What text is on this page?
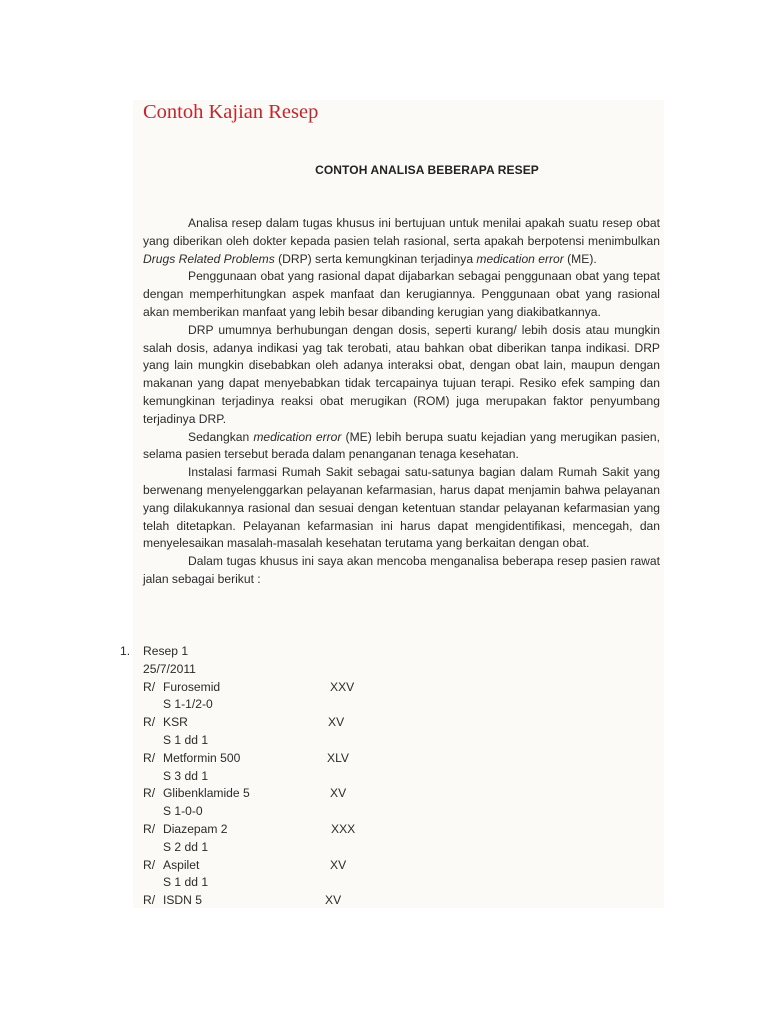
Contoh Kajian Resep
CONTOH ANALISA BEBERAPA RESEP

Analisa resep dalam tugas khusus ini bertujuan untuk menilai apakah suatu resep obat yang diberikan oleh dokter kepada pasien telah rasional, serta apakah berpotensi menimbulkan Drugs Related Problems (DRP) serta kemungkinan terjadinya medication error (ME).

Penggunaan obat yang rasional dapat dijabarkan sebagai penggunaan obat yang tepat dengan memperhitungkan aspek manfaat dan kerugiannya. Penggunaan obat yang rasional akan memberikan manfaat yang lebih besar dibanding kerugian yang diakibatkannya.

DRP umumnya berhubungan dengan dosis, seperti kurang/ lebih dosis atau mungkin salah dosis, adanya indikasi yag tak terobati, atau bahkan obat diberikan tanpa indikasi. DRP yang lain mungkin disebabkan oleh adanya interaksi obat, dengan obat lain, maupun dengan makanan yang dapat menyebabkan tidak tercapainya tujuan terapi. Resiko efek samping dan kemungkinan terjadinya reaksi obat merugikan (ROM) juga merupakan faktor penyumbang terjadinya DRP.

Sedangkan medication error (ME) lebih berupa suatu kejadian yang merugikan pasien, selama pasien tersebut berada dalam penanganan tenaga kesehatan.

Instalasi farmasi Rumah Sakit sebagai satu-satunya bagian dalam Rumah Sakit yang berwenang menyelenggarkan pelayanan kefarmasian, harus dapat menjamin bahwa pelayanan yang dilakukannya rasional dan sesuai dengan ketentuan standar pelayanan kefarmasian yang telah ditetapkan. Pelayanan kefarmasian ini harus dapat mengidentifikasi, mencegah, dan menyelesaikan masalah-masalah kesehatan terutama yang berkaitan dengan obat.

Dalam tugas khusus ini saya akan mencoba menganalisa beberapa resep pasien rawat jalan sebagai berikut :

1. Resep 1
25/7/2011
R/ Furosemid	XXV
S 1-1/2-0
R/ KSR	XV
S 1 dd 1
R/ Metformin 500	XLV
S 3 dd 1
R/ Glibenklamide 5	XV
S 1-0-0
R/ Diazepam 2	XXX
S 2 dd 1
R/ Aspilet	XV
S 1 dd 1
R/ ISDN 5	XV
